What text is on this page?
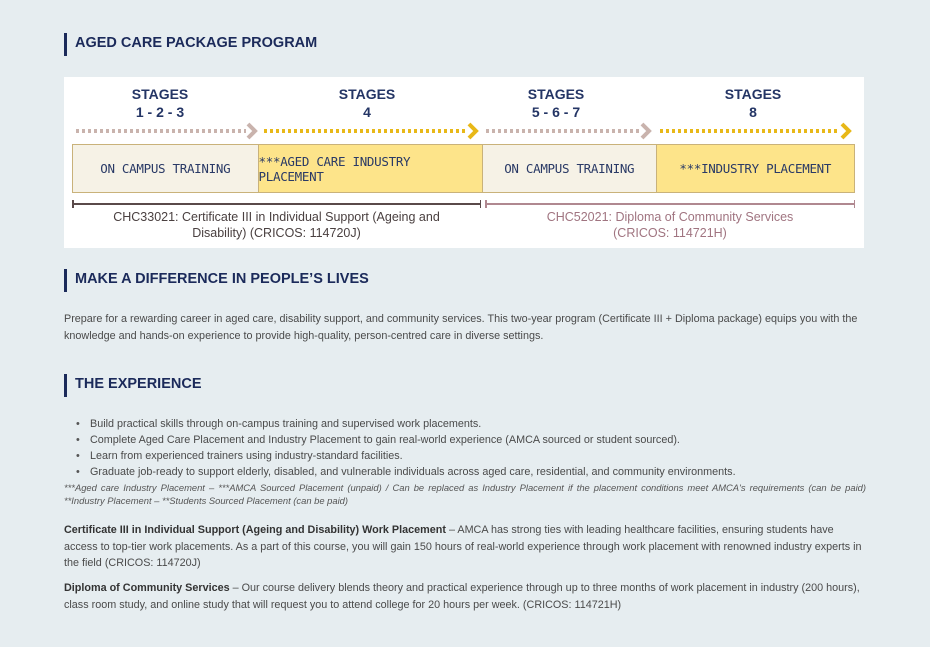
AGED CARE PACKAGE PROGRAM
STAGES
1 - 2 - 3
STAGES
4
STAGES
5 - 6 - 7
STAGES
8
ON CAMPUS TRAINING	***AGED CARE INDUSTRY PLACEMENT	ON CAMPUS TRAINING	***INDUSTRY PLACEMENT
CHC33021: Certificate III in Individual Support (Ageing and
Disability) (CRICOS: 114720J)
CHC52021: Diploma of Community Services
(CRICOS: 114721H)
MAKE A DIFFERENCE IN PEOPLE’S LIVES

Prepare for a rewarding career in aged care, disability support, and community services. This two-year program (Certificate III + Diploma package) equips you with the knowledge and hands-on experience to provide high-quality, person-centred care in diverse settings.

THE EXPERIENCE
• Build practical skills through on-campus training and supervised work placements.
• Complete Aged Care Placement and Industry Placement to gain real-world experience (AMCA sourced or student sourced).
• Learn from experienced trainers using industry-standard facilities.
• Graduate job-ready to support elderly, disabled, and vulnerable individuals across aged care, residential, and community environments.

***Aged care Industry Placement – ***AMCA Sourced Placement (unpaid) / Can be replaced as Industry Placement if the placement conditions meet AMCA's requirements (can be paid) **Industry Placement – **Students Sourced Placement (can be paid)

Certificate III in Individual Support (Ageing and Disability) Work Placement – AMCA has strong ties with leading healthcare facilities, ensuring students have access to top-tier work placements. As a part of this course, you will gain 150 hours of real-world experience through work placement with renowned industry experts in the field (CRICOS: 114720J)

Diploma of Community Services – Our course delivery blends theory and practical experience through up to three months of work placement in industry (200 hours), class room study, and online study that will request you to attend college for 20 hours per week. (CRICOS: 114721H)
